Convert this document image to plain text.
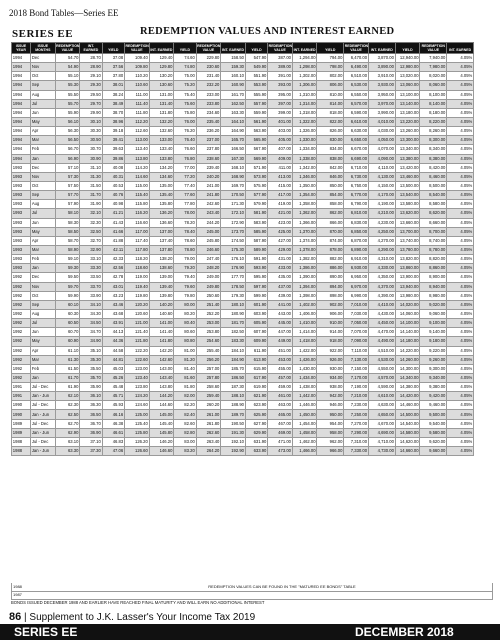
2018 Bond Tables—Series EE
SERIES EE	REDEMPTION VALUES AND INTEREST EARNED
ISSUE YEAR	ISSUE MONTHS	REDEMPTION VALUE	INT. EARNED	YIELD	REDEMPTION VALUE	INT. EARNED	YIELD	REDEMPTION VALUE	INT. EARNED	YIELD	REDEMPTION VALUE	INT. EARNED	YIELD	REDEMPTION VALUE	INT. EARNED	YIELD	REDEMPTION VALUE	INT. EARNED
1994	Dec	54.70	28.70	37.08	109.40	129.40	74.60	229.80	158.50	547.90	387.00	1,294.00	794.00	6,470.00	3,870.00	12,940.00	7,940.00	4.05%
1994	Nov	54.90	28.90	37.56	109.80	129.80	74.80	230.60	159.30	549.90	389.00	1,298.00	798.00	6,490.00	3,890.00	12,980.00	7,980.00	4.05%
1994	Oct	55.10	29.10	37.80	110.20	130.20	75.00	231.40	160.10	551.90	391.00	1,302.00	802.00	6,510.00	3,910.00	13,020.00	8,020.00	4.05%
1994	Sep	55.30	29.30	38.01	110.60	130.60	75.20	232.20	160.90	553.90	393.00	1,306.00	806.00	6,530.00	3,930.00	13,060.00	8,060.00	4.05%
1994	Aug	55.50	29.50	38.24	111.00	131.00	75.40	233.00	161.70	555.90	395.00	1,310.00	810.00	6,550.00	3,950.00	13,100.00	8,100.00	4.05%
1994	Jul	55.70	29.70	38.49	111.40	131.40	75.60	233.80	162.50	557.90	397.00	1,314.00	814.00	6,570.00	3,970.00	13,140.00	8,140.00	4.05%
1994	Jun	55.90	29.90	38.70	111.80	131.80	75.80	234.60	163.30	559.90	399.00	1,318.00	818.00	6,590.00	3,990.00	13,180.00	8,180.00	4.05%
1994	May	56.10	30.10	38.96	112.20	132.20	76.00	235.40	164.10	561.90	401.00	1,322.00	822.00	6,610.00	4,010.00	13,220.00	8,220.00	4.05%
1994	Apr	56.30	30.30	39.18	112.60	132.60	76.20	236.20	164.90	563.90	403.00	1,326.00	826.00	6,630.00	4,030.00	13,260.00	8,260.00	4.05%
1994	Mar	56.50	30.50	39.41	113.00	133.00	76.40	237.00	165.70	565.90	405.00	1,330.00	830.00	6,650.00	4,050.00	13,300.00	8,300.00	4.05%
1994	Feb	56.70	30.70	39.63	113.40	133.40	76.60	237.80	166.50	567.90	407.00	1,334.00	834.00	6,670.00	4,070.00	13,340.00	8,340.00	4.05%
1994	Jan	56.90	30.90	39.86	113.80	133.80	76.80	238.60	167.30	569.90	409.00	1,338.00	838.00	6,690.00	4,090.00	13,380.00	8,380.00	4.05%
1993	Dec	57.10	31.10	40.08	114.20	134.20	77.00	239.40	168.10	571.90	411.00	1,342.00	842.00	6,710.00	4,110.00	13,420.00	8,420.00	4.05%
1993	Nov	57.30	31.30	40.31	114.60	134.60	77.20	240.20	168.90	573.90	413.00	1,346.00	846.00	6,730.00	4,130.00	13,460.00	8,460.00	4.05%
1993	Oct	57.50	31.50	40.53	115.00	135.00	77.40	241.00	169.70	575.90	415.00	1,350.00	850.00	6,750.00	4,150.00	13,500.00	8,500.00	4.05%
1993	Sep	57.70	31.70	40.76	115.40	135.40	77.60	241.80	170.50	577.90	417.00	1,354.00	854.00	6,770.00	4,170.00	13,540.00	8,540.00	4.05%
1993	Aug	57.90	31.90	40.98	115.80	135.80	77.80	242.60	171.30	579.90	419.00	1,358.00	858.00	6,790.00	4,190.00	13,580.00	8,580.00	4.05%
1993	Jul	58.10	32.10	41.21	116.20	136.20	78.00	243.40	172.10	581.90	421.00	1,362.00	862.00	6,810.00	4,210.00	13,620.00	8,620.00	4.05%
1993	Jun	58.30	32.30	41.43	116.60	136.60	78.20	244.20	172.90	583.90	423.00	1,366.00	866.00	6,830.00	4,230.00	13,660.00	8,660.00	4.05%
1993	May	58.50	32.50	41.66	117.00	137.00	78.40	245.00	173.70	585.90	425.00	1,370.00	870.00	6,850.00	4,250.00	13,700.00	8,700.00	4.05%
1993	Apr	58.70	32.70	41.88	117.40	137.40	78.60	245.80	174.50	587.90	427.00	1,374.00	874.00	6,870.00	4,270.00	13,740.00	8,740.00	4.05%
1993	Mar	58.90	32.90	42.11	117.80	137.80	78.80	246.60	175.30	589.90	429.00	1,378.00	878.00	6,890.00	4,290.00	13,780.00	8,780.00	4.05%
1993	Feb	59.10	33.10	42.33	118.20	138.20	79.00	247.40	176.10	591.90	431.00	1,382.00	882.00	6,910.00	4,310.00	13,820.00	8,820.00	4.05%
1993	Jan	59.30	33.30	42.56	118.60	138.60	79.20	248.20	176.90	593.90	433.00	1,386.00	886.00	6,930.00	4,330.00	13,860.00	8,860.00	4.05%
1992	Dec	59.50	33.50	42.78	119.00	139.00	79.40	249.00	177.70	595.90	435.00	1,390.00	890.00	6,950.00	4,350.00	13,900.00	8,900.00	4.05%
1992	Nov	59.70	33.70	43.01	119.40	139.40	79.60	249.80	178.50	597.90	437.00	1,394.00	894.00	6,970.00	4,370.00	13,940.00	8,940.00	4.05%
1992	Oct	59.90	33.90	43.23	119.80	139.80	79.80	250.60	179.30	599.90	439.00	1,398.00	898.00	6,990.00	4,390.00	13,980.00	8,980.00	4.05%
1992	Sep	60.10	34.10	43.46	120.20	140.20	80.00	251.40	180.10	601.90	441.00	1,402.00	902.00	7,010.00	4,410.00	14,020.00	9,020.00	4.05%
1992	Aug	60.30	34.30	43.68	120.60	140.60	80.20	252.20	180.90	603.90	443.00	1,406.00	906.00	7,030.00	4,430.00	14,060.00	9,060.00	4.05%
1992	Jul	60.50	34.50	43.91	121.00	141.00	80.40	253.00	181.70	605.90	445.00	1,410.00	910.00	7,050.00	4,450.00	14,100.00	9,100.00	4.05%
1992	Jun	60.70	34.70	44.13	121.40	141.40	80.60	253.80	182.50	607.90	447.00	1,414.00	914.00	7,070.00	4,470.00	14,140.00	9,140.00	4.05%
1992	May	60.90	34.90	44.36	121.80	141.80	80.80	254.60	183.30	609.90	449.00	1,418.00	918.00	7,090.00	4,490.00	14,180.00	9,180.00	4.05%
1992	Apr	61.10	35.10	44.58	122.20	142.20	81.00	255.40	184.10	611.90	451.00	1,422.00	922.00	7,110.00	4,510.00	14,220.00	9,220.00	4.05%
1992	Mar	61.30	35.30	44.81	122.60	142.60	81.20	256.20	184.90	613.90	453.00	1,426.00	926.00	7,130.00	4,530.00	14,260.00	9,260.00	4.05%
1992	Feb	61.50	35.50	45.03	123.00	143.00	81.40	257.00	185.70	615.90	455.00	1,430.00	930.00	7,150.00	4,550.00	14,300.00	9,300.00	4.05%
1992	Jan	61.70	35.70	45.26	123.40	143.40	81.60	257.80	186.50	617.90	457.00	1,434.00	934.00	7,170.00	4,570.00	14,340.00	9,340.00	4.05%
1991	Jul - Dec	61.90	35.90	45.48	123.80	143.80	81.80	258.60	187.30	619.90	459.00	1,438.00	938.00	7,190.00	4,590.00	14,380.00	9,380.00	4.05%
1991	Jan - Jun	62.10	36.10	45.71	124.20	144.20	82.00	259.40	188.10	621.90	461.00	1,442.00	942.00	7,210.00	4,610.00	14,420.00	9,420.00	4.05%
1990	Jul - Dec	62.30	36.30	45.93	124.60	144.60	82.20	260.20	188.90	623.90	463.00	1,446.00	946.00	7,230.00	4,630.00	14,460.00	9,460.00	4.05%
1990	Jan - Jun	62.50	36.50	46.16	125.00	145.00	82.40	261.00	189.70	625.90	465.00	1,450.00	950.00	7,250.00	4,650.00	14,500.00	9,500.00	4.05%
1989	Jul - Dec	62.70	36.70	46.38	125.40	145.40	82.60	261.80	190.50	627.90	467.00	1,454.00	954.00	7,270.00	4,670.00	14,540.00	9,540.00	4.05%
1989	Jan - Jun	62.90	36.90	46.61	125.80	145.80	82.80	262.60	191.30	629.90	469.00	1,458.00	958.00	7,290.00	4,690.00	14,580.00	9,580.00	4.05%
1988	Jul - Dec	63.10	37.10	46.83	126.20	146.20	83.00	263.40	192.10	631.90	471.00	1,462.00	962.00	7,310.00	4,710.00	14,620.00	9,620.00	4.05%
1988	Jan - Jun	63.30	37.30	47.06	126.60	146.60	83.20	264.20	192.90	633.90	473.00	1,466.00	966.00	7,330.00	4,730.00	14,660.00	9,660.00	4.05%
1988	REDEMPTION VALUES CAN BE FOUND IN THE "MATURED EE BONDS" TABLE
1987
BONDS ISSUED DECEMBER 1988 AND EARLIER HAVE REACHED FINAL MATURITY AND WILL EARN NO ADDITIONAL INTEREST
86 | Supplement to J.K. Lasser's Your Income Tax 2019
SERIES EE	DECEMBER 2018
